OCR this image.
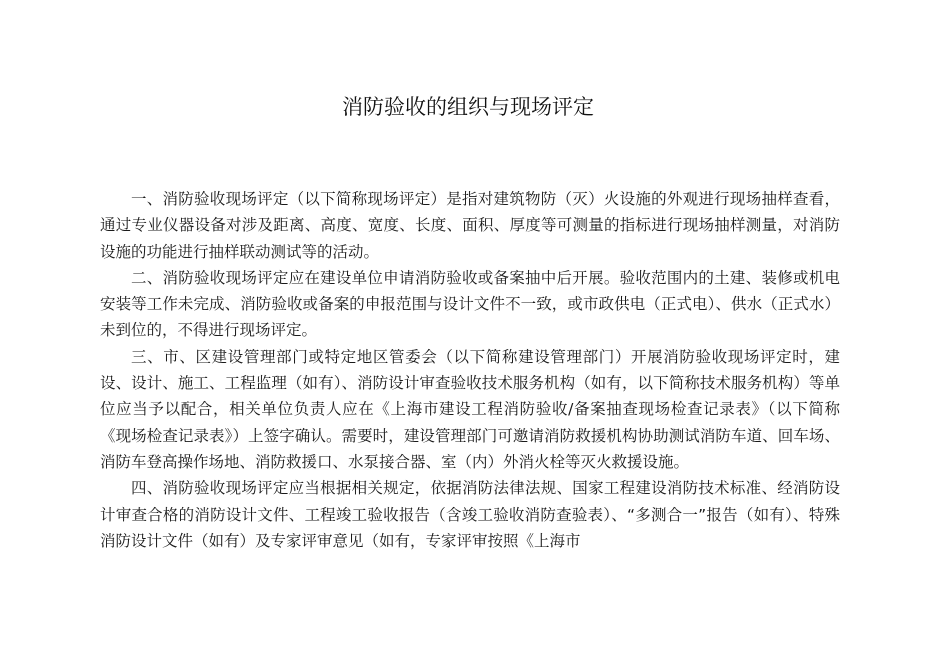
消防验收的组织与现场评定

一、消防验收现场评定（以下简称现场评定）是指对建筑物防（灭）火设施的外观进行现场抽样查看，通过专业仪器设备对涉及距离、高度、宽度、长度、面积、厚度等可测量的指标进行现场抽样测量，对消防设施的功能进行抽样联动测试等的活动。

二、消防验收现场评定应在建设单位申请消防验收或备案抽中后开展。验收范围内的土建、装修或机电安装等工作未完成、消防验收或备案的申报范围与设计文件不一致，或市政供电（正式电）、供水（正式水）未到位的，不得进行现场评定。

三、市、区建设管理部门或特定地区管委会（以下简称建设管理部门）开展消防验收现场评定时，建设、设计、施工、工程监理（如有）、消防设计审查验收技术服务机构（如有，以下简称技术服务机构）等单位应当予以配合，相关单位负责人应在《上海市建设工程消防验收/备案抽查现场检查记录表》（以下简称《现场检查记录表》）上签字确认。需要时，建设管理部门可邀请消防救援机构协助测试消防车道、回车场、消防车登高操作场地、消防救援口、水泵接合器、室（内）外消火栓等灭火救援设施。

四、消防验收现场评定应当根据相关规定，依据消防法律法规、国家工程建设消防技术标准、经消防设计审查合格的消防设计文件、工程竣工验收报告（含竣工验收消防查验表）、“多测合一”报告（如有）、特殊消防设计文件（如有）及专家评审意见（如有，专家评审按照《上海市
